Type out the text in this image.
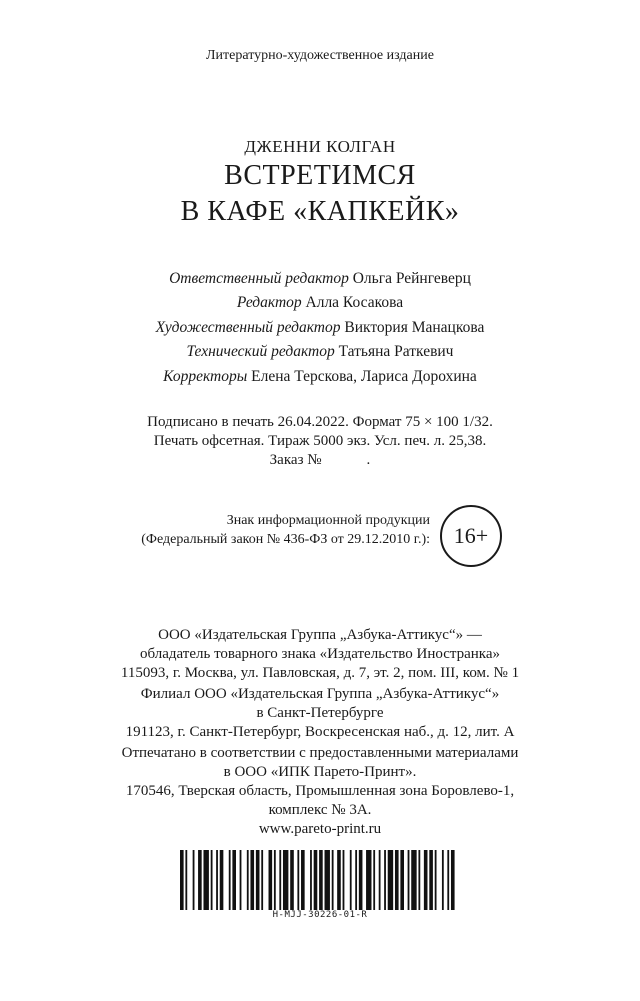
Литературно-художественное издание
ДЖЕННИ КОЛГАН
ВСТРЕТИМСЯ
В КАФЕ «КАПКЕЙК»
Ответственный редактор Ольга Рейнгеверц
Редактор Алла Косакова
Художественный редактор Виктория Манацкова
Технический редактор Татьяна Раткевич
Корректоры Елена Терскова, Лариса Дорохина
Подписано в печать 26.04.2022. Формат 75 × 100 1/32.
Печать офсетная. Тираж 5000 экз. Усл. печ. л. 25,38.
Заказ №            .
Знак информационной продукции
(Федеральный закон № 436-ФЗ от 29.12.2010 г.): 16+
ООО «Издательская Группа „Азбука-Аттикус“» —
обладатель товарного знака «Издательство Иностранка»
115093, г. Москва, ул. Павловская, д. 7, эт. 2, пом. III, ком. № 1
Филиал ООО «Издательская Группа „Азбука-Аттикус“»
в Санкт-Петербурге
191123, г. Санкт-Петербург, Воскресенская наб., д. 12, лит. А
Отпечатано в соответствии с предоставленными материалами
в ООО «ИПК Парето-Принт».
170546, Тверская область, Промышленная зона Боровлево-1,
комплекс № 3А.
www.pareto-print.ru
Н-МJJ-30226-01-R
